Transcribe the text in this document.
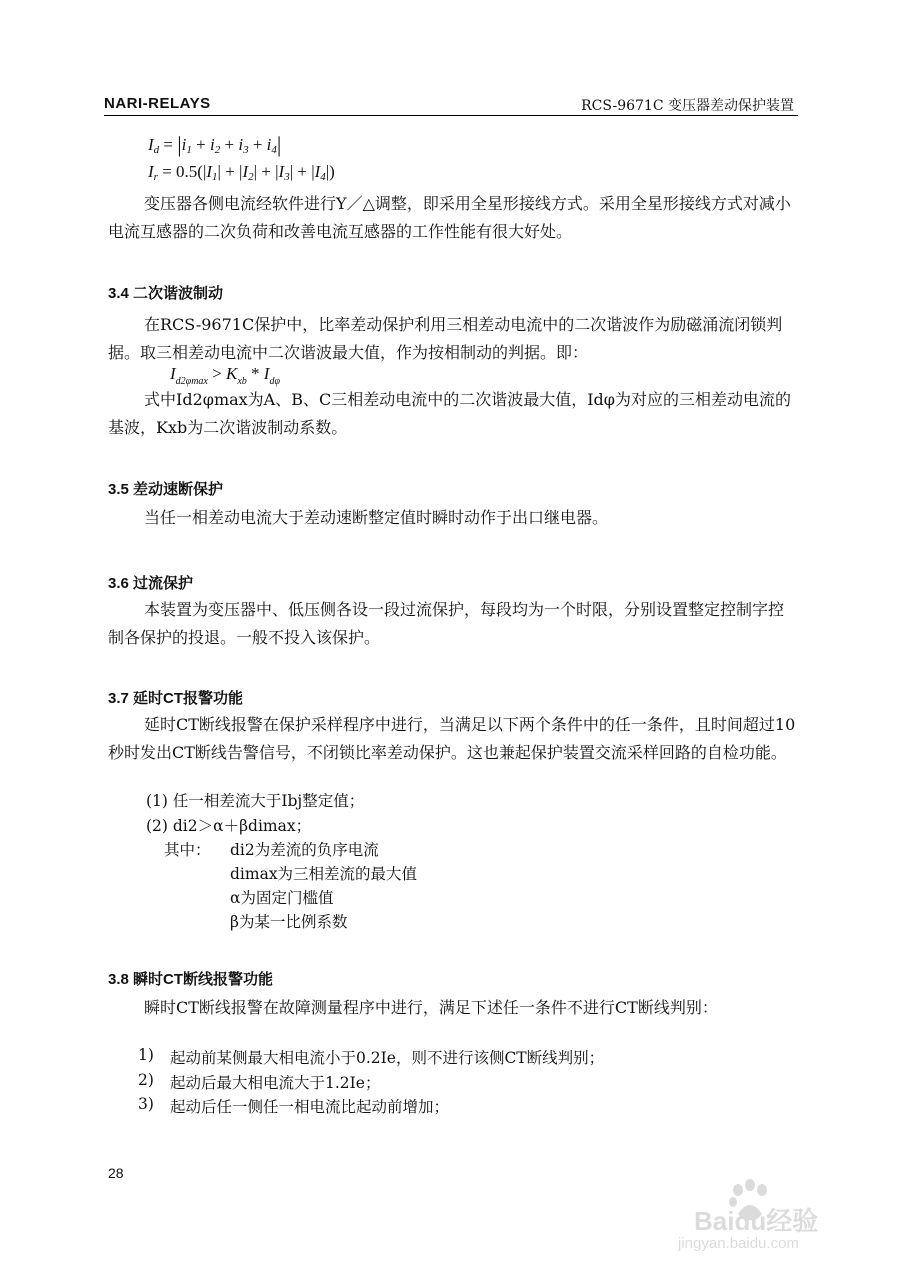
NARI-RELAYS	RCS-9671C 变压器差动保护装置
$I_d = |i_1 + i_2 + i_3 + i_4|$
$I_r = 0.5(|I_1| + |I_2| + |I_3| + |I_4|)$
变压器各侧电流经软件进行Y／△调整，即采用全星形接线方式。采用全星形接线方式对减小电流互感器的二次负荷和改善电流互感器的工作性能有很大好处。
3.4 二次谐波制动
在RCS-9671C保护中，比率差动保护利用三相差动电流中的二次谐波作为励磁涌流闭锁判据。取三相差动电流中二次谐波最大值，作为按相制动的判据。即：
$I_{d2\varphi max} > K_{xb} * I_{d\varphi}$
式中Id2φmax为A、B、C三相差动电流中的二次谐波最大值，Idφ为对应的三相差动电流的基波，Kxb为二次谐波制动系数。
3.5 差动速断保护
当任一相差动电流大于差动速断整定值时瞬时动作于出口继电器。
3.6 过流保护
本装置为变压器中、低压侧各设一段过流保护，每段均为一个时限，分别设置整定控制字控制各保护的投退。一般不投入该保护。
3.7 延时CT报警功能
延时CT断线报警在保护采样程序中进行，当满足以下两个条件中的任一条件，且时间超过10秒时发出CT断线告警信号，不闭锁比率差动保护。这也兼起保护装置交流采样回路的自检功能。
(1) 任一相差流大于Ibj整定值；
(2) di2＞α＋βdimax；
其中： di2为差流的负序电流
dimax为三相差流的最大值
α为固定门槛值
β为某一比例系数
3.8 瞬时CT断线报警功能
瞬时CT断线报警在故障测量程序中进行，满足下述任一条件不进行CT断线判别：
1) 起动前某侧最大相电流小于0.2Ie，则不进行该侧CT断线判别；
2) 起动后最大相电流大于1.2Ie；
3) 起动后任一侧任一相电流比起动前增加；
28
Baidu经验
jingyan.baidu.com
